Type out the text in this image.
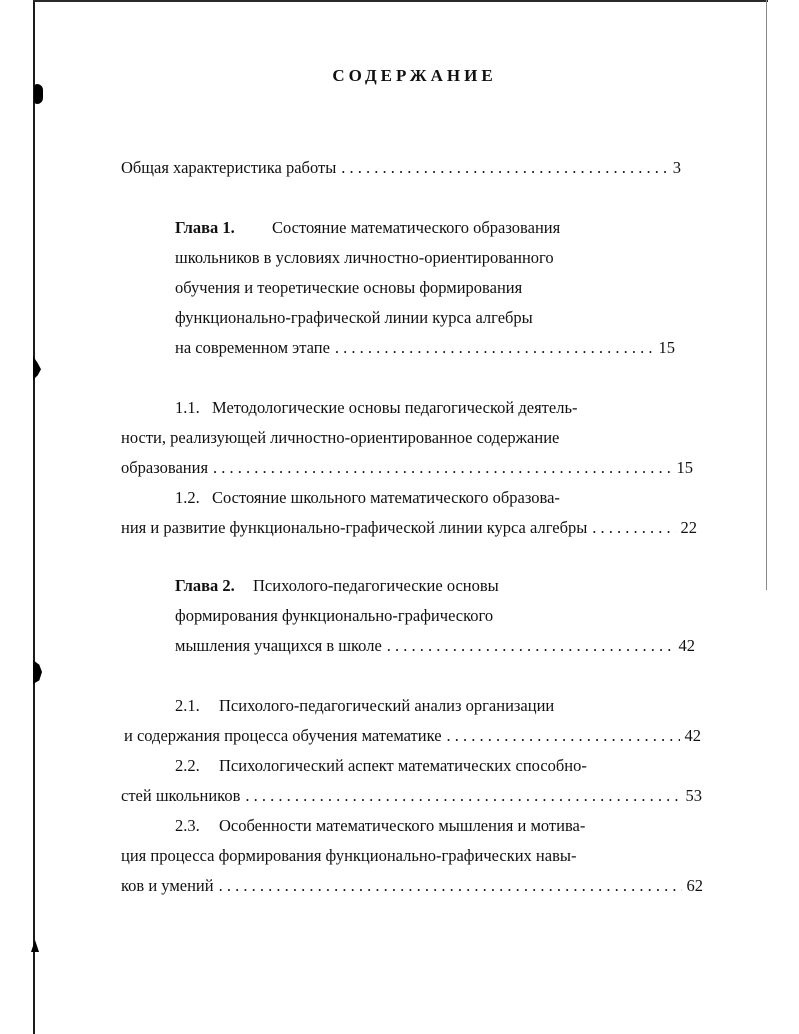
СОДЕРЖАНИЕ
Общая характеристика работы . . .	3
Глава 1. Состояние математического образования
школьников в условиях личностно-ориентированного
обучения и теоретические основы формирования
функционально-графической линии курса алгебры
на современном этапе . . .	15
1.1. Методологические основы педагогической деятель-
ности, реализующей личностно-ориентированное содержание
образования . . .	15
1.2. Состояние школьного математического образова-
ния и развитие функционально-графической линии курса алгебры . . .	22
Глава 2. Психолого-педагогические основы
формирования функционально-графического
мышления учащихся в школе . . .	42
2.1. Психолого-педагогический анализ организации
и содержания процесса обучения математике . . .	42
2.2. Психологический аспект математических способно-
стей школьников . . .	53
2.3. Особенности математического мышления и мотива-
ция процесса формирования функционально-графических навы-
ков и умений . . .	62
